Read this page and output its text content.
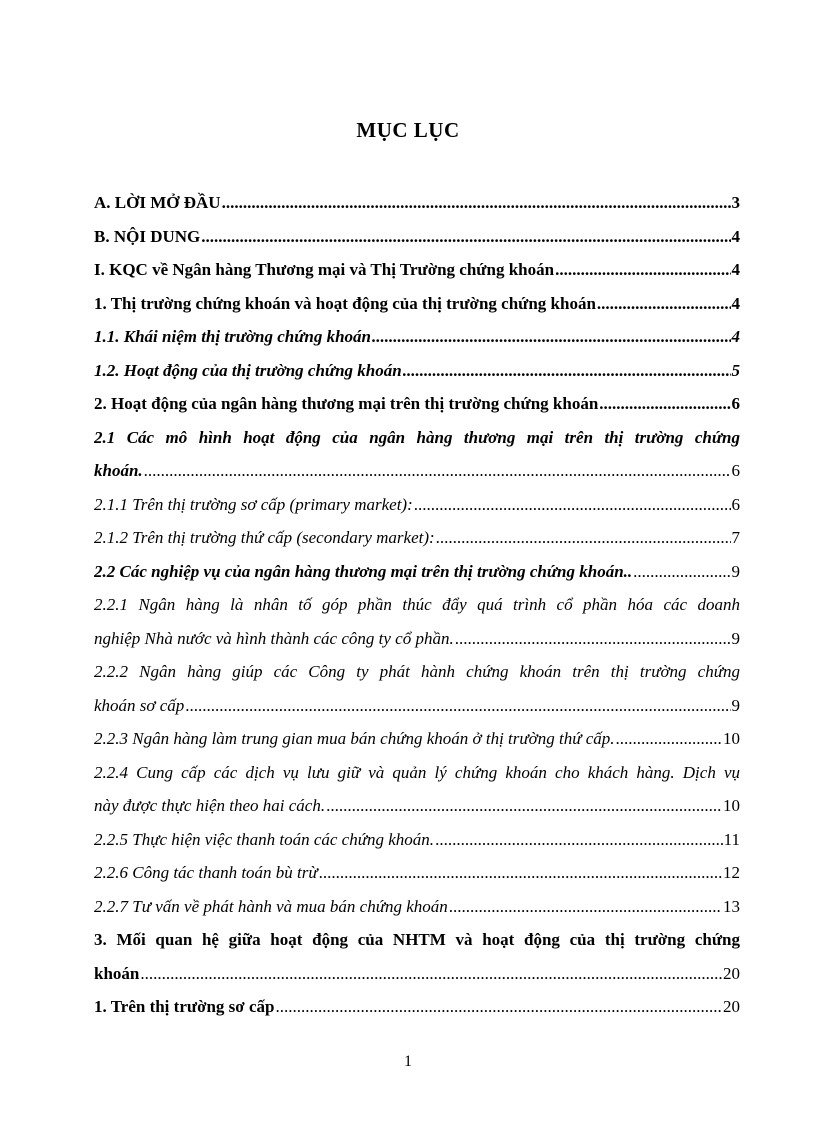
MỤC LỤC
A. LỜI MỞ ĐẦU .....	3
B. NỘI DUNG .....	4
I. KQC về Ngân hàng Thương mại và Thị Trường chứng khoán .....	4
1. Thị trường chứng khoán và hoạt động của thị trường chứng khoán .....	4
1.1. Khái niệm thị trường chứng khoán .....	4
1.2. Hoạt động của thị trường chứng khoán .....	5
2. Hoạt động của ngân hàng thương mại trên thị trường chứng khoán .....	6
2.1 Các mô hình hoạt động của ngân hàng thương mại trên thị trường chứng
khoán. .....	6
2.1.1 Trên thị trường sơ cấp (primary market): .....	6
2.1.2 Trên thị trường thứ cấp (secondary market): .....	7
2.2 Các nghiệp vụ của ngân hàng thương mại trên thị trường chứng khoán.. .....	9
2.2.1 Ngân hàng là nhân tố góp phần thúc đẩy quá trình cổ phần hóa các doanh
nghiệp Nhà nước và hình thành các công ty cổ phần. .....	9
2.2.2 Ngân hàng giúp các Công ty phát hành chứng khoán trên thị trường chứng
khoán sơ cấp .....	9
2.2.3 Ngân hàng làm trung gian mua bán chứng khoán ở thị trường thứ cấp. .....	10
2.2.4 Cung cấp các dịch vụ lưu giữ và quản lý chứng khoán cho khách hàng. Dịch vụ
này được thực hiện theo hai cách. .....	10
2.2.5 Thực hiện việc thanh toán các chứng khoán. .....	11
2.2.6 Công tác thanh toán bù trừ .....	12
2.2.7 Tư vấn về phát hành và mua bán chứng khoán .....	13
3. Mối quan hệ giữa hoạt động của NHTM và hoạt động của thị trường chứng
khoán .....	20
1. Trên thị trường sơ cấp .....	20
1
